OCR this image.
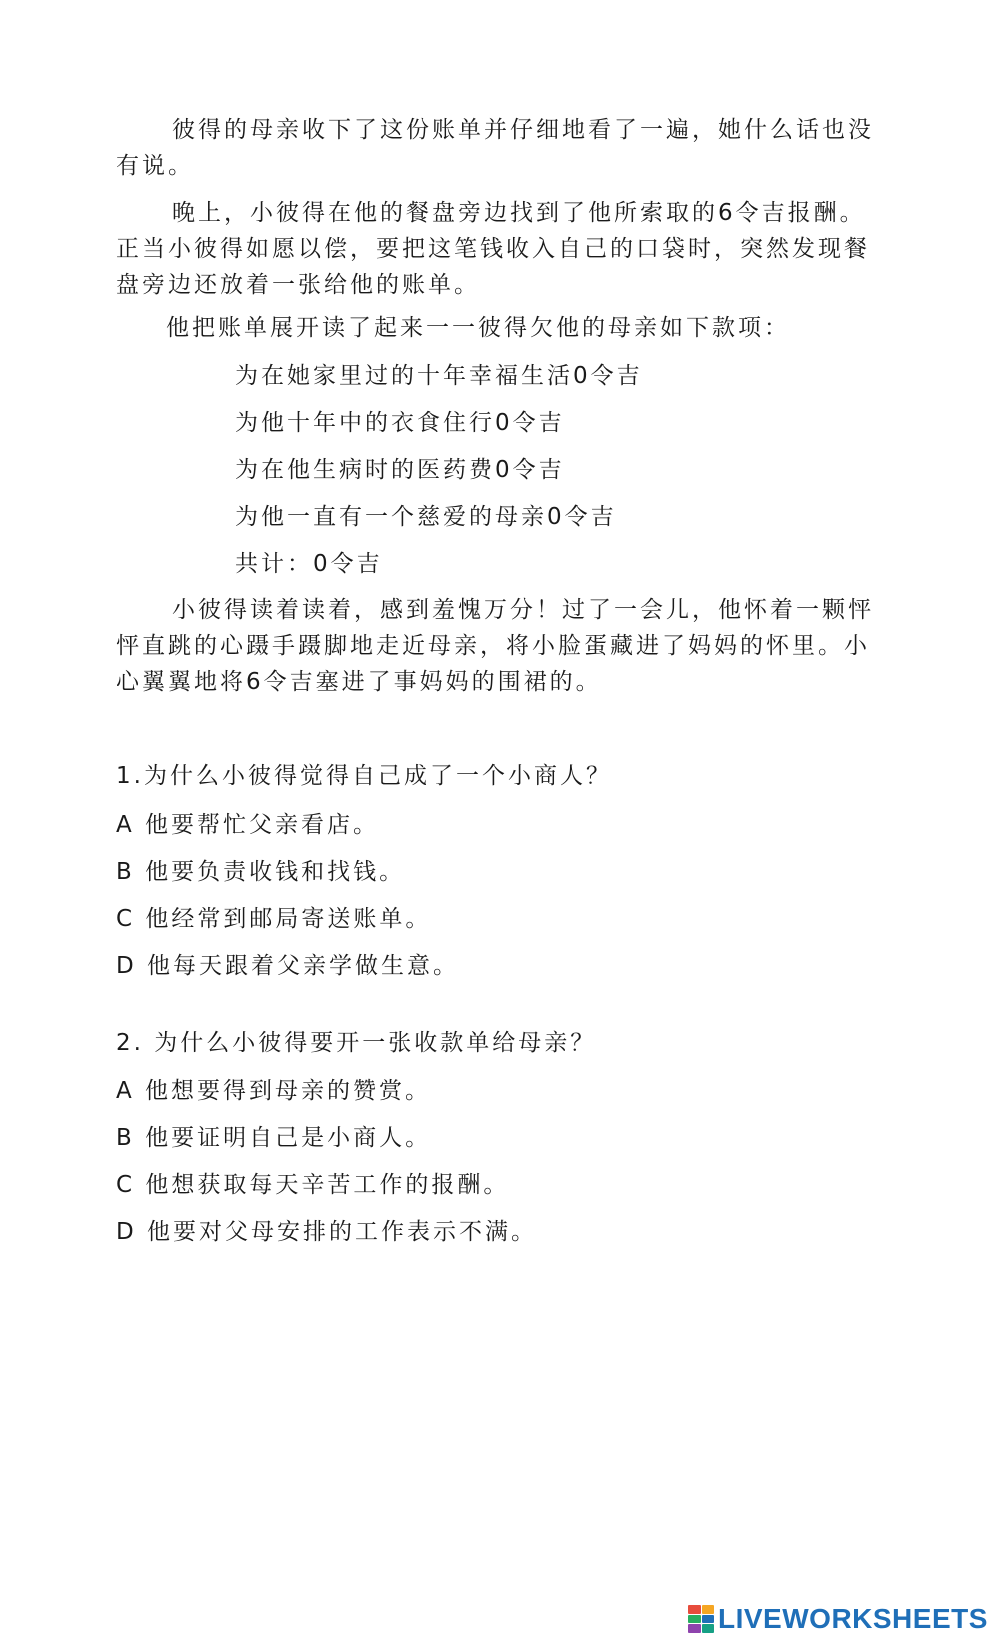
彼得的母亲收下了这份账单并仔细地看了一遍，她什么话也没有说。

晚上，小彼得在他的餐盘旁边找到了他所索取的6令吉报酬。正当小彼得如愿以偿，要把这笔钱收入自己的口袋时，突然发现餐盘旁边还放着一张给他的账单。

他把账单展开读了起来一一彼得欠他的母亲如下款项：

为在她家里过的十年幸福生活0令吉

为他十年中的衣食住行0令吉

为在他生病时的医药费0令吉

为他一直有一个慈爱的母亲0令吉

共计：0令吉

小彼得读着读着，感到羞愧万分！过了一会儿，他怀着一颗怦怦直跳的心蹑手蹑脚地走近母亲，将小脸蛋藏进了妈妈的怀里。小心翼翼地将6令吉塞进了事妈妈的围裙的。

1.为什么小彼得觉得自己成了一个小商人？

A 他要帮忙父亲看店。

B 他要负责收钱和找钱。

C 他经常到邮局寄送账单。

D 他每天跟着父亲学做生意。

2. 为什么小彼得要开一张收款单给母亲？

A 他想要得到母亲的赞赏。

B 他要证明自己是小商人。

C 他想获取每天辛苦工作的报酬。

D 他要对父母安排的工作表示不满。

LIVEWORKSHEETS
